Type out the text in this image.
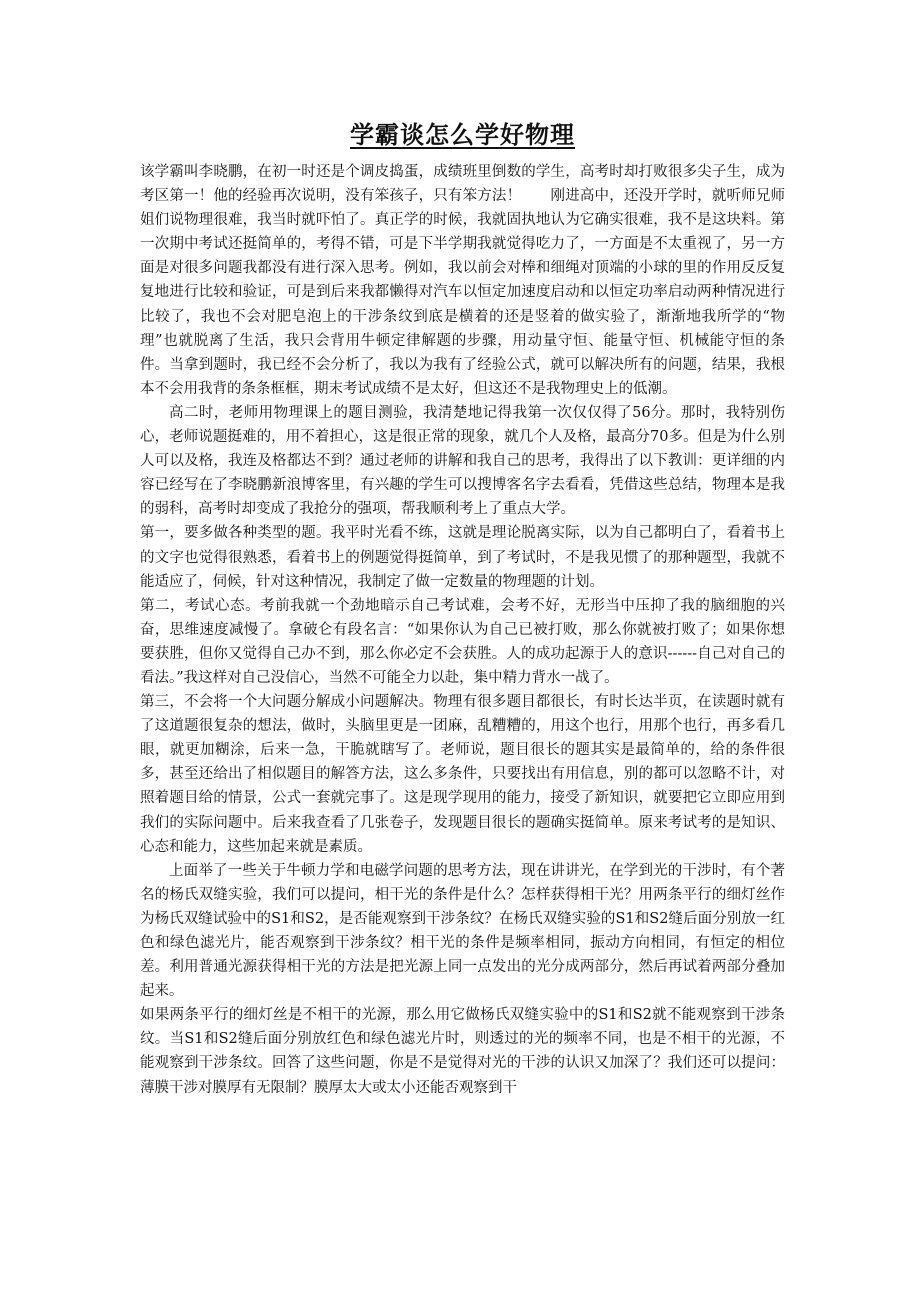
学霸谈怎么学好物理

该学霸叫李晓鹏，在初一时还是个调皮捣蛋，成绩班里倒数的学生，高考时却打败很多尖子生，成为考区第一！他的经验再次说明，没有笨孩子，只有笨方法！　　刚进高中，还没开学时，就听师兄师姐们说物理很难，我当时就吓怕了。真正学的时候，我就固执地认为它确实很难，我不是这块料。第一次期中考试还挺简单的，考得不错，可是下半学期我就觉得吃力了，一方面是不太重视了，另一方面是对很多问题我都没有进行深入思考。例如，我以前会对棒和细绳对顶端的小球的里的作用反反复复地进行比较和验证，可是到后来我都懒得对汽车以恒定加速度启动和以恒定功率启动两种情况进行比较了，我也不会对肥皂泡上的干涉条纹到底是横着的还是竖着的做实验了，渐渐地我所学的“物理”也就脱离了生活，我只会背用牛顿定律解题的步骤，用动量守恒、能量守恒、机械能守恒的条件。当拿到题时，我已经不会分析了，我以为我有了经验公式，就可以解决所有的问题，结果，我根本不会用我背的条条框框，期末考试成绩不是太好，但这还不是我物理史上的低潮。

高二时，老师用物理课上的题目测验，我清楚地记得我第一次仅仅得了56分。那时，我特别伤心，老师说题挺难的，用不着担心，这是很正常的现象，就几个人及格，最高分70多。但是为什么别人可以及格，我连及格都达不到？通过老师的讲解和我自己的思考，我得出了以下教训：更详细的内容已经写在了李晓鹏新浪博客里，有兴趣的学生可以搜博客名字去看看，凭借这些总结，物理本是我的弱科，高考时却变成了我抢分的强项，帮我顺利考上了重点大学。

第一，要多做各种类型的题。我平时光看不练，这就是理论脱离实际，以为自己都明白了，看着书上的文字也觉得很熟悉，看着书上的例题觉得挺简单，到了考试时，不是我见惯了的那种题型，我就不能适应了，伺候，针对这种情况，我制定了做一定数量的物理题的计划。

第二，考试心态。考前我就一个劲地暗示自己考试难，会考不好，无形当中压抑了我的脑细胞的兴奋，思维速度减慢了。拿破仑有段名言：“如果你认为自己已被打败，那么你就被打败了；如果你想要获胜，但你又觉得自己办不到，那么你必定不会获胜。人的成功起源于人的意识------自己对自己的看法。”我这样对自己没信心，当然不可能全力以赴，集中精力背水一战了。

第三，不会将一个大问题分解成小问题解决。物理有很多题目都很长，有时长达半页，在读题时就有了这道题很复杂的想法，做时，头脑里更是一团麻，乱糟糟的，用这个也行，用那个也行，再多看几眼，就更加糊涂，后来一急，干脆就瞎写了。老师说，题目很长的题其实是最简单的，给的条件很多，甚至还给出了相似题目的解答方法，这么多条件，只要找出有用信息，别的都可以忽略不计，对照着题目给的情景，公式一套就完事了。这是现学现用的能力，接受了新知识，就要把它立即应用到我们的实际问题中。后来我查看了几张卷子，发现题目很长的题确实挺简单。原来考试考的是知识、心态和能力，这些加起来就是素质。

上面举了一些关于牛顿力学和电磁学问题的思考方法，现在讲讲光，在学到光的干涉时，有个著名的杨氏双缝实验，我们可以提问，相干光的条件是什么？怎样获得相干光？用两条平行的细灯丝作为杨氏双缝试验中的S1和S2，是否能观察到干涉条纹？在杨氏双缝实验的S1和S2缝后面分别放一红色和绿色滤光片，能否观察到干涉条纹？相干光的条件是频率相同，振动方向相同，有恒定的相位差。利用普通光源获得相干光的方法是把光源上同一点发出的光分成两部分，然后再试着两部分叠加起来。

如果两条平行的细灯丝是不相干的光源，那么用它做杨氏双缝实验中的S1和S2就不能观察到干涉条纹。当S1和S2缝后面分别放红色和绿色滤光片时，则透过的光的频率不同，也是不相干的光源，不能观察到干涉条纹。回答了这些问题，你是不是觉得对光的干涉的认识又加深了？我们还可以提问：薄膜干涉对膜厚有无限制？膜厚太大或太小还能否观察到干
